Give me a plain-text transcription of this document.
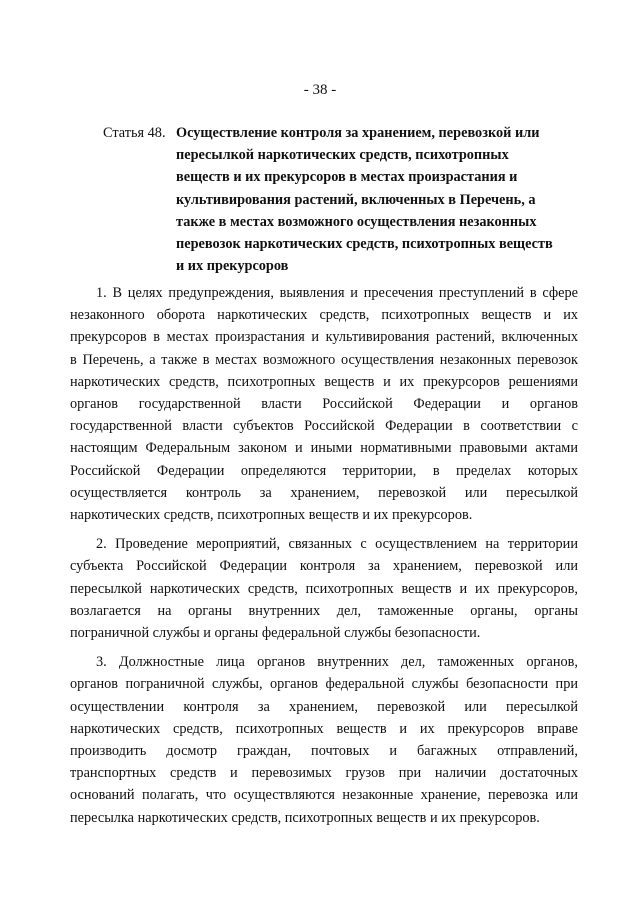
- 38 -
Статья 48. Осуществление контроля за хранением, перевозкой или
пересылкой наркотических средств, психотропных
веществ и их прекурсоров в местах произрастания и
культивирования растений, включенных в Перечень, а
также в местах возможного осуществления незаконных
перевозок наркотических средств, психотропных веществ
и их прекурсоров
1. В целях предупреждения, выявления и пресечения преступлений в сфере
незаконного оборота наркотических средств, психотропных веществ и их
прекурсоров в местах произрастания и культивирования растений, включенных
в Перечень, а также в местах возможного осуществления незаконных перевозок
наркотических средств, психотропных веществ и их прекурсоров решениями
органов государственной власти Российской Федерации и органов
государственной власти субъектов Российской Федерации в соответствии с
настоящим Федеральным законом и иными нормативными правовыми актами
Российской Федерации определяются территории, в пределах которых
осуществляется контроль за хранением, перевозкой или пересылкой
наркотических средств, психотропных веществ и их прекурсоров.
2. Проведение мероприятий, связанных с осуществлением на территории
субъекта Российской Федерации контроля за хранением, перевозкой или
пересылкой наркотических средств, психотропных веществ и их прекурсоров,
возлагается на органы внутренних дел, таможенные органы, органы
пограничной службы и органы федеральной службы безопасности.
3. Должностные лица органов внутренних дел, таможенных органов,
органов пограничной службы, органов федеральной службы безопасности при
осуществлении контроля за хранением, перевозкой или пересылкой
наркотических средств, психотропных веществ и их прекурсоров вправе
производить досмотр граждан, почтовых и багажных отправлений,
транспортных средств и перевозимых грузов при наличии достаточных
оснований полагать, что осуществляются незаконные хранение, перевозка или
пересылка наркотических средств, психотропных веществ и их прекурсоров.
